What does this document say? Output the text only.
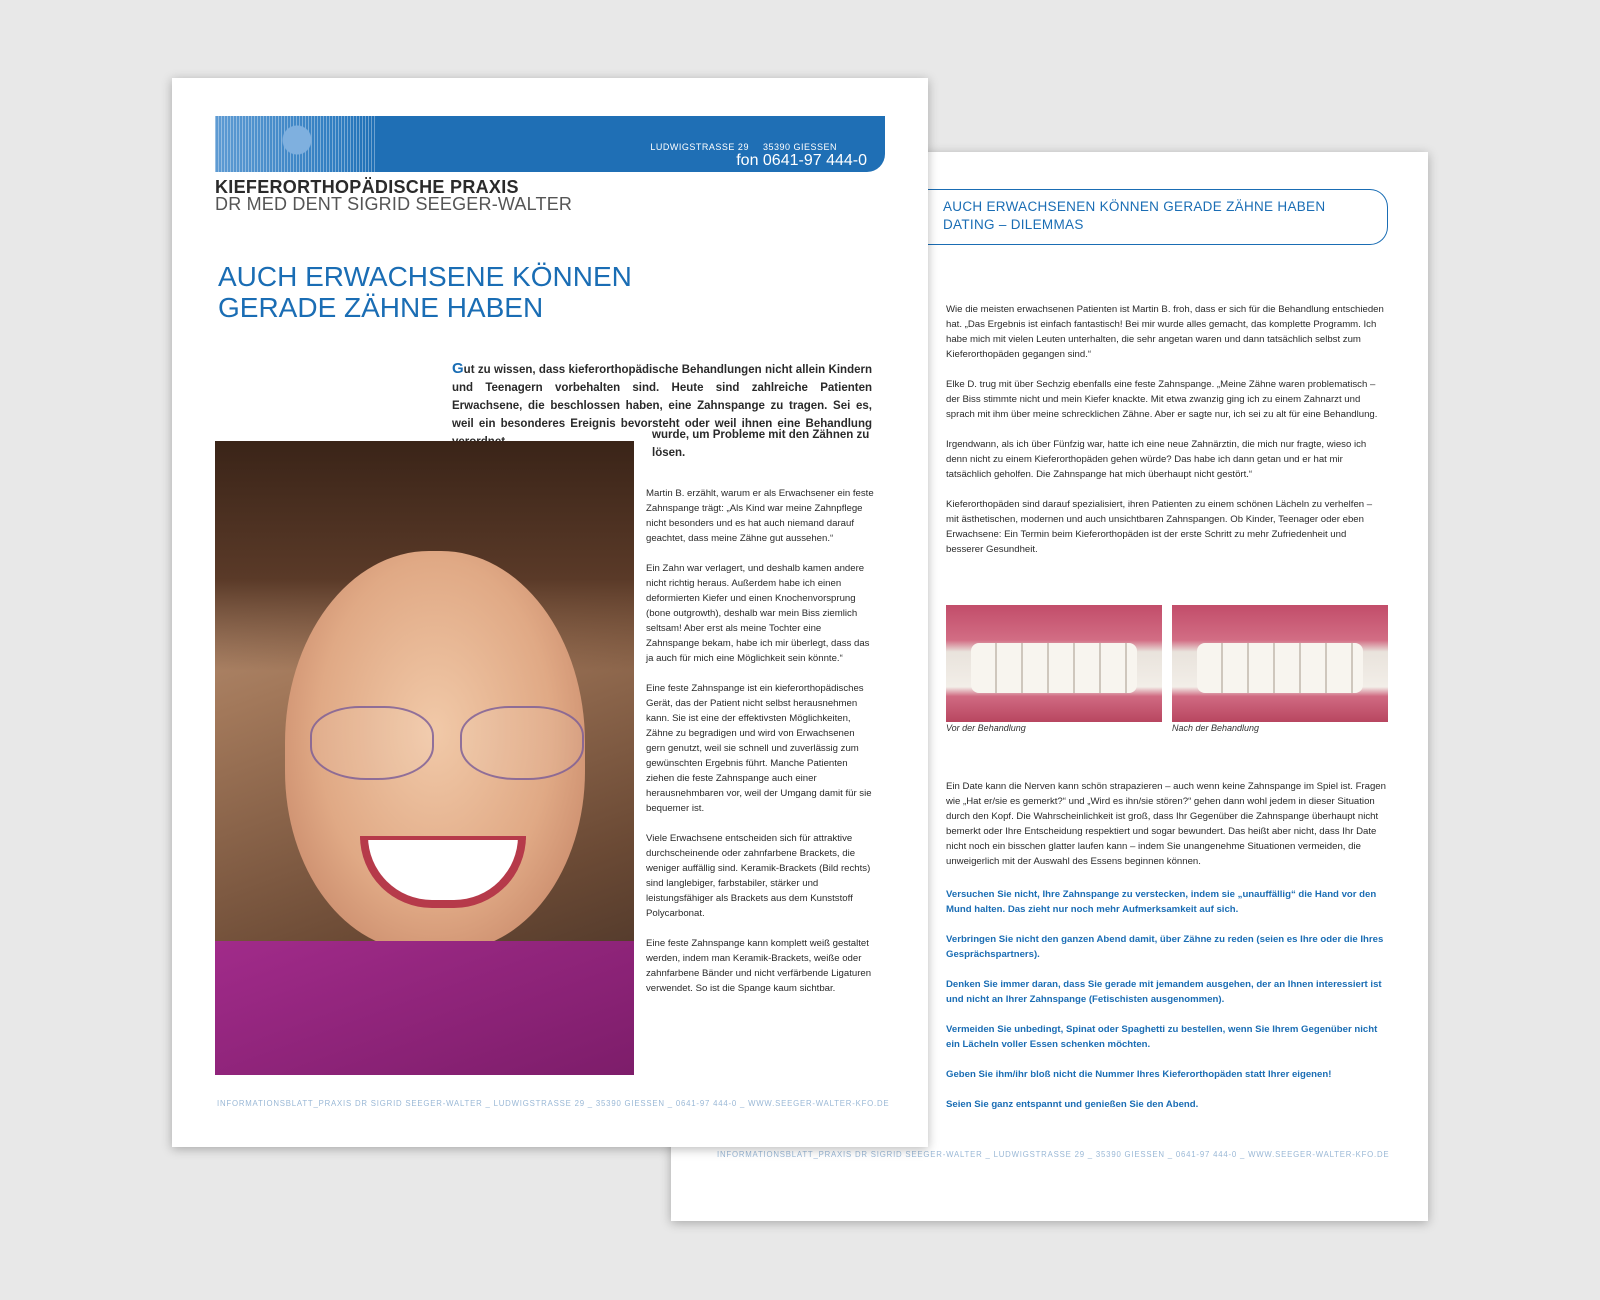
AUCH ERWACHSENEN KÖNNEN GERADE ZÄHNE HABEN
DATING – DILEMMAS

Wie die meisten erwachsenen Patienten ist Martin B. froh, dass er sich für die Behandlung entschieden hat. „Das Ergebnis ist einfach fantastisch! Bei mir wurde alles gemacht, das komplette Programm. Ich habe mich mit vielen Leuten unterhalten, die sehr angetan waren und dann tatsächlich selbst zum Kieferorthopäden gegangen sind.“

Elke D. trug mit über Sechzig ebenfalls eine feste Zahnspange. „Meine Zähne waren problematisch – der Biss stimmte nicht und mein Kiefer knackte. Mit etwa zwanzig ging ich zu einem Zahnarzt und sprach mit ihm über meine schrecklichen Zähne. Aber er sagte nur, ich sei zu alt für eine Behandlung.

Irgendwann, als ich über Fünfzig war, hatte ich eine neue Zahnärztin, die mich nur fragte, wieso ich denn nicht zu einem Kieferorthopäden gehen würde? Das habe ich dann getan und er hat mir tatsächlich geholfen. Die Zahnspange hat mich überhaupt nicht gestört.“

Kieferorthopäden sind darauf spezialisiert, ihren Patienten zu einem schönen Lächeln zu verhelfen – mit ästhetischen, modernen und auch unsichtbaren Zahnspangen. Ob Kinder, Teenager oder eben Erwachsene: Ein Termin beim Kieferorthopäden ist der erste Schritt zu mehr Zufriedenheit und besserer Gesundheit.

Vor der Behandlung	Nach der Behandlung
Ein Date kann die Nerven kann schön strapazieren – auch wenn keine Zahnspange im Spiel ist. Fragen wie „Hat er/sie es gemerkt?“ und „Wird es ihn/sie stören?“ gehen dann wohl jedem in dieser Situation durch den Kopf. Die Wahrscheinlichkeit ist groß, dass Ihr Gegenüber die Zahnspange überhaupt nicht bemerkt oder Ihre Entscheidung respektiert und sogar bewundert. Das heißt aber nicht, dass Ihr Date nicht noch ein bisschen glatter laufen kann – indem Sie unangenehme Situationen vermeiden, die unweigerlich mit der Auswahl des Essens beginnen können.

Versuchen Sie nicht, Ihre Zahnspange zu verstecken, indem sie „unauffällig“ die Hand vor den Mund halten. Das zieht nur noch mehr Aufmerksamkeit auf sich.

Verbringen Sie nicht den ganzen Abend damit, über Zähne zu reden (seien es Ihre oder die Ihres Gesprächspartners).

Denken Sie immer daran, dass Sie gerade mit jemandem ausgehen, der an Ihnen interessiert ist und nicht an Ihrer Zahnspange (Fetischisten ausgenommen).

Vermeiden Sie unbedingt, Spinat oder Spaghetti zu bestellen, wenn Sie Ihrem Gegenüber nicht ein Lächeln voller Essen schenken möchten.

Geben Sie ihm/ihr bloß nicht die Nummer Ihres Kieferorthopäden statt Ihrer eigenen!

Seien Sie ganz entspannt und genießen Sie den Abend.

INFORMATIONSBLATT_PRAXIS DR SIGRID SEEGER-WALTER _ LUDWIGSTRASSE 29 _ 35390 GIESSEN _ 0641-97 444-0 _ WWW.SEEGER-WALTER-KFO.DE
LUDWIGSTRASSE 29 35390 GIESSEN
fon 0641-97 444-0
KIEFERORTHOPÄDISCHE PRAXIS
DR MED DENT SIGRID SEEGER-WALTER
AUCH ERWACHSENE KÖNNEN
GERADE ZÄHNE HABEN
Gut zu wissen, dass kieferorthopädische Behandlungen nicht allein Kindern und Teenagern vorbehalten sind. Heute sind zahlreiche Patienten Erwachsene, die beschlossen haben, eine Zahnspange zu tragen. Sei es, weil ein besonderes Ereignis bevorsteht oder weil ihnen eine Behandlung
wurde, um Probleme mit den Zähnen zu lösen.

Martin B. erzählt, warum er als Erwachsener ein feste Zahnspange trägt: „Als Kind war meine Zahnpflege nicht besonders und es hat auch niemand darauf geachtet, dass meine Zähne gut aussehen.“

Ein Zahn war verlagert, und deshalb kamen andere nicht richtig heraus. Außerdem habe ich einen deformierten Kiefer und einen Knochenvorsprung (bone outgrowth), deshalb war mein Biss ziemlich seltsam! Aber erst als meine Tochter eine Zahnspange bekam, habe ich mir überlegt, dass das ja auch für mich eine Möglichkeit sein könnte.“

Eine feste Zahnspange ist ein kieferorthopädisches Gerät, das der Patient nicht selbst herausnehmen kann. Sie ist eine der effektivsten Möglichkeiten, Zähne zu begradigen und wird von Erwachsenen gern genutzt, weil sie schnell und zuverlässig zum gewünschten Ergebnis führt. Manche Patienten ziehen die feste Zahnspange auch einer herausnehmbaren vor, weil der Umgang damit für sie bequemer ist.

Viele Erwachsene entscheiden sich für attraktive durchscheinende oder zahnfarbene Brackets, die weniger auffällig sind. Keramik-Brackets (Bild rechts) sind langlebiger, farbstabiler, stärker und leistungsfähiger als Brackets aus dem Kunststoff Polycarbonat.

Eine feste Zahnspange kann komplett weiß gestaltet werden, indem man Keramik-Brackets, weiße oder zahnfarbene Bänder und nicht verfärbende Ligaturen verwendet. So ist die Spange kaum sichtbar.

INFORMATIONSBLATT_PRAXIS DR SIGRID SEEGER-WALTER _ LUDWIGSTRASSE 29 _ 35390 GIESSEN _ 0641-97 444-0 _ WWW.SEEGER-WALTER-KFO.DE
